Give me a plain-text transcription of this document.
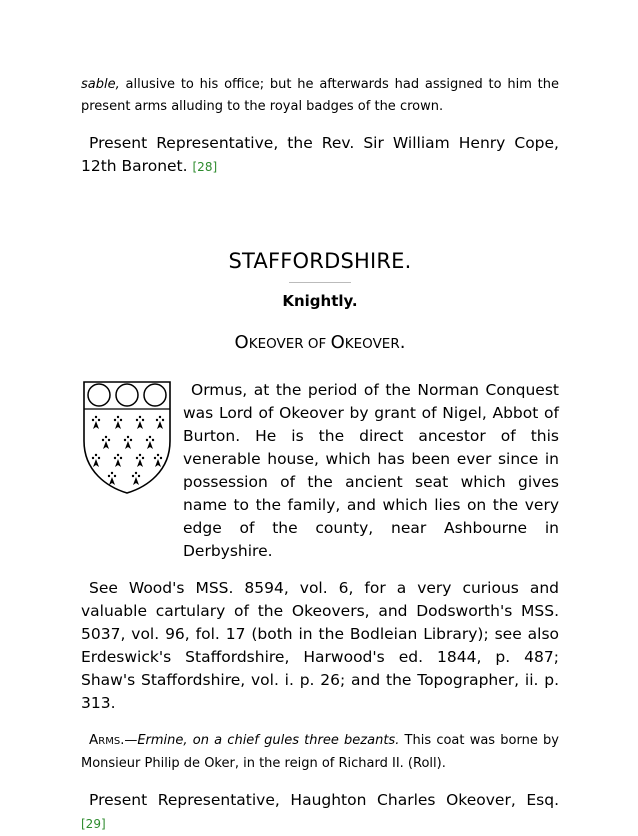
sable, allusive to his office; but he afterwards had assigned to him the present arms alluding to the royal badges of the crown.

Present Representative, the Rev. Sir William Henry Cope, 12th Baronet. [28]

STAFFORDSHIRE.

Knightly.

OKEOVER OF OKEOVER.

Ormus, at the period of the Norman Conquest was Lord of Okeover by grant of Nigel, Abbot of Burton. He is the direct ancestor of this venerable house, which has been ever since in possession of the ancient seat which gives name to the family, and which lies on the very edge of the county, near Ashbourne in Derbyshire.

See Wood's MSS. 8594, vol. 6, for a very curious and valuable cartulary of the Okeovers, and Dodsworth's MSS. 5037, vol. 96, fol. 17 (both in the Bodleian Library); see also Erdeswick's Staffordshire, Harwood's ed. 1844, p. 487; Shaw's Staffordshire, vol. i. p. 26; and the Topographer, ii. p. 313.

ARMS.—Ermine, on a chief gules three bezants. This coat was borne by Monsieur Philip de Oker, in the reign of Richard II. (Roll).

Present Representative, Haughton Charles Okeover, Esq. [29]
